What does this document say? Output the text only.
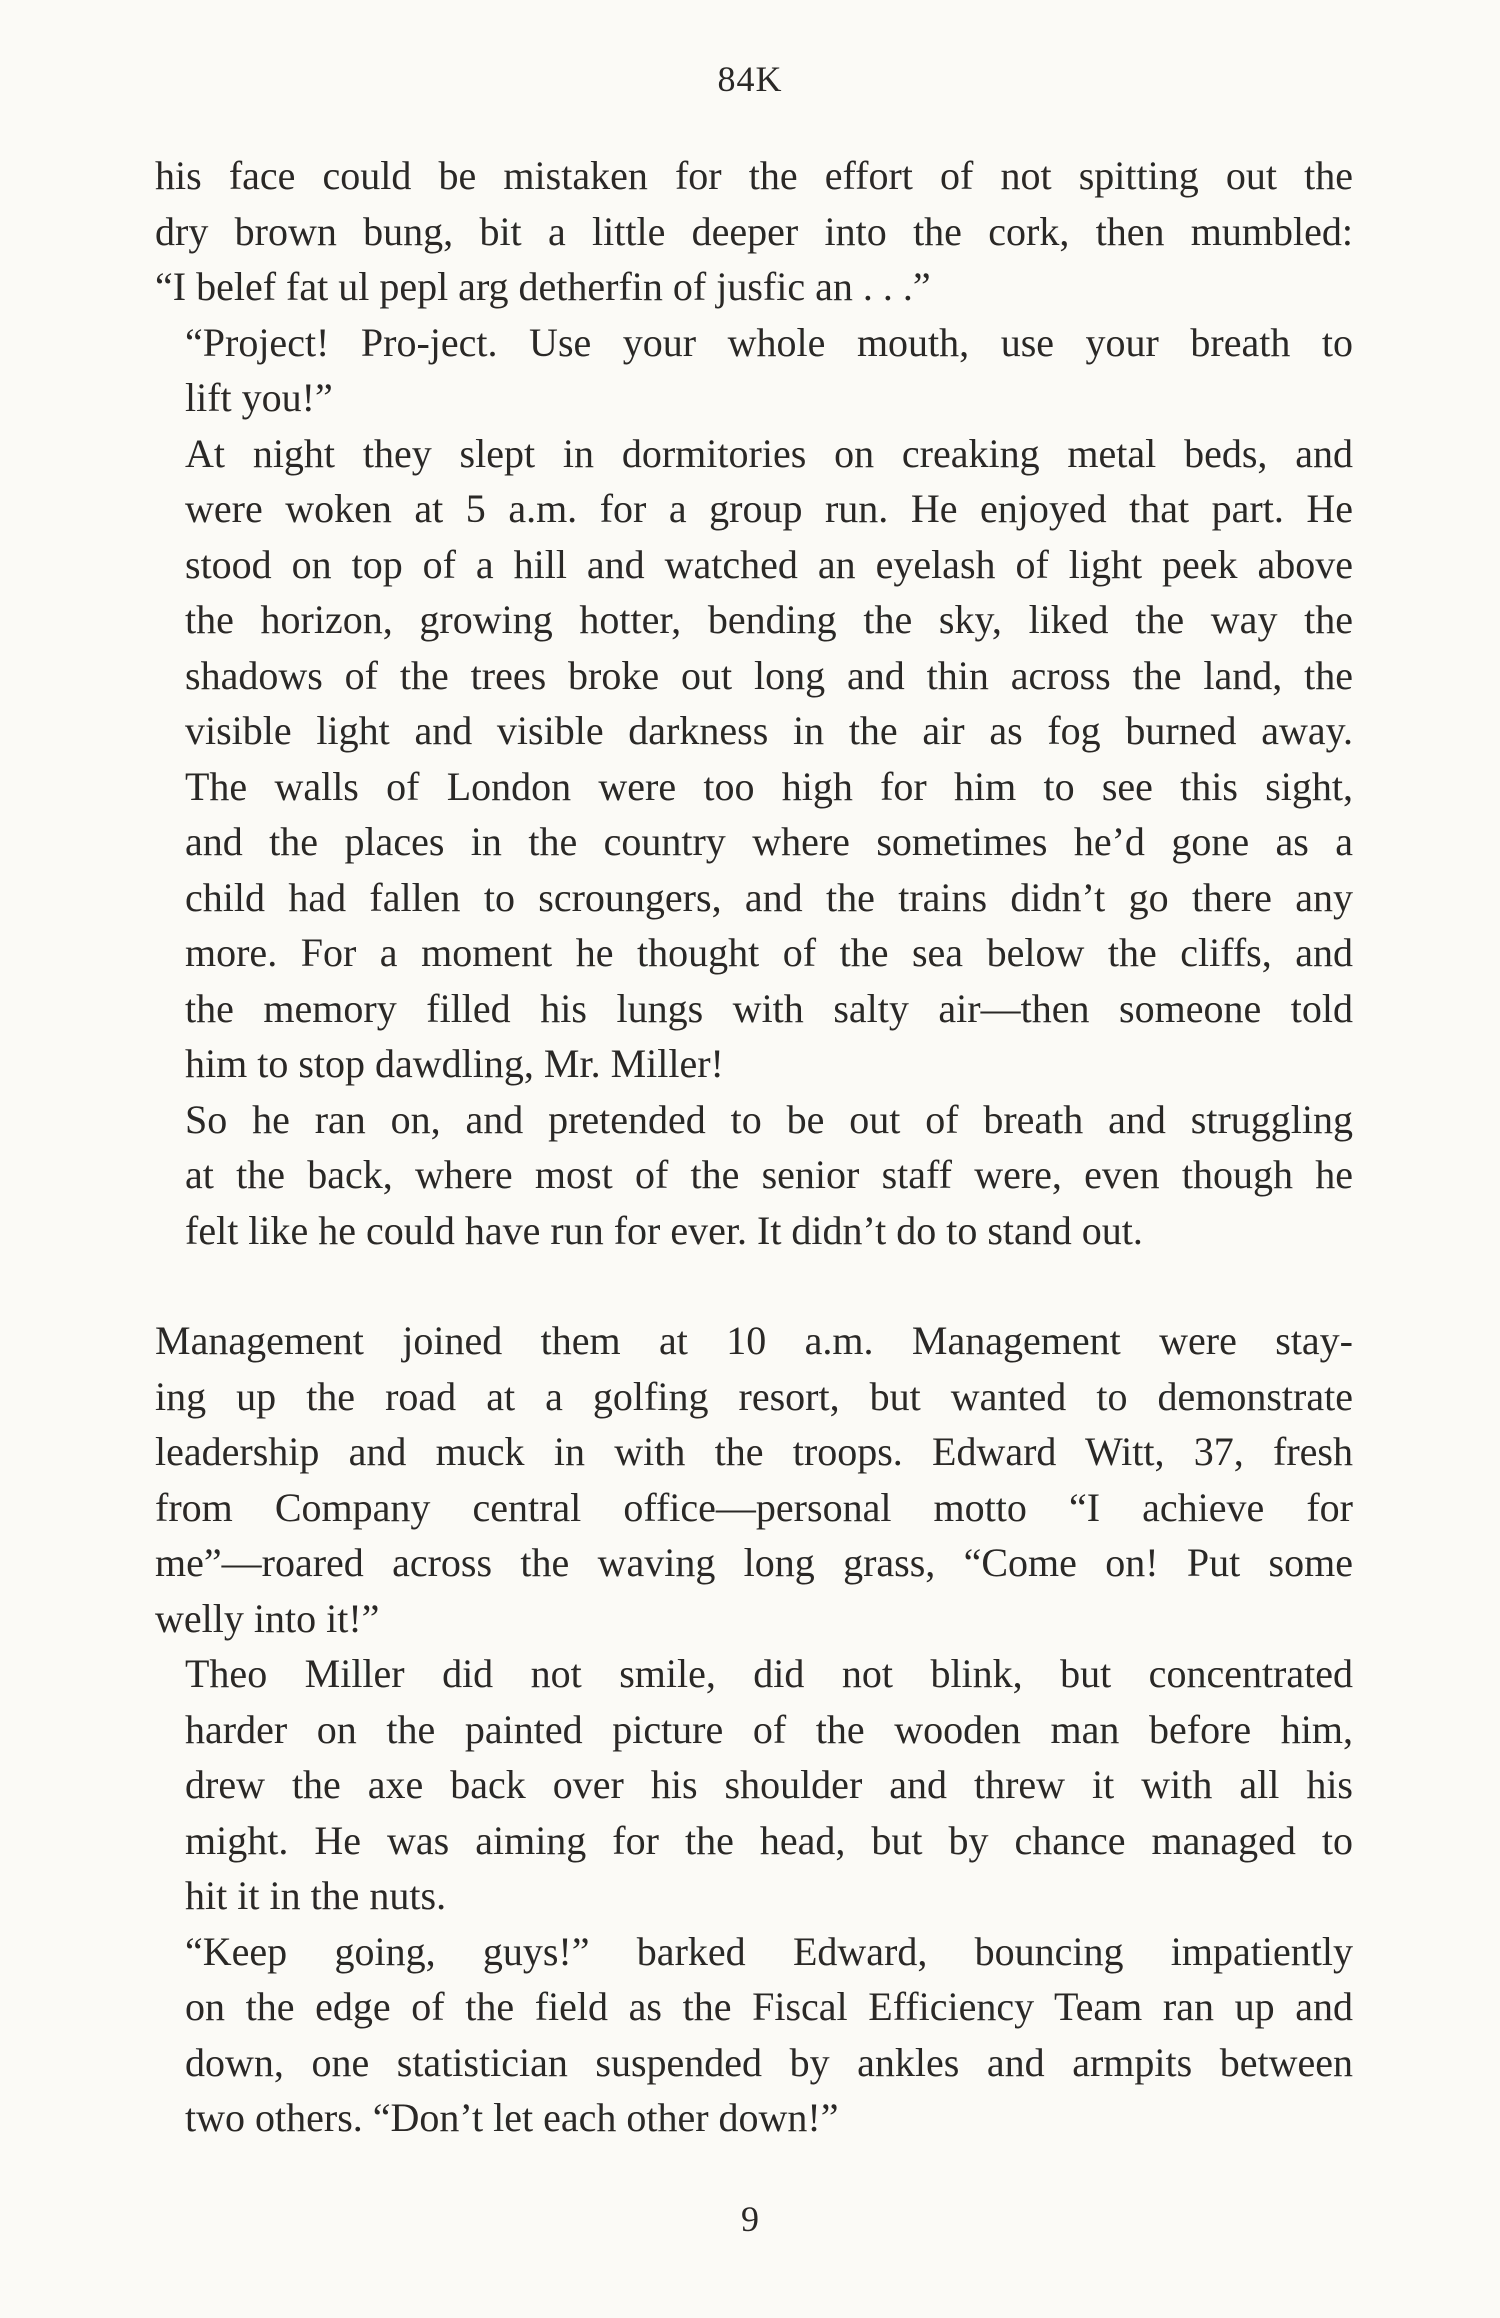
84K

his face could be mistaken for the effort of not spitting out the
dry brown bung, bit a little deeper into the cork, then mumbled:
“I belef fat ul pepl arg detherfin of jusfic an . . .”

“Project! Pro-ject. Use your whole mouth, use your breath to
lift you!”

At night they slept in dormitories on creaking metal beds, and
were woken at 5 a.m. for a group run. He enjoyed that part. He
stood on top of a hill and watched an eyelash of light peek above
the horizon, growing hotter, bending the sky, liked the way the
shadows of the trees broke out long and thin across the land, the
visible light and visible darkness in the air as fog burned away.
The walls of London were too high for him to see this sight,
and the places in the country where sometimes he’d gone as a
child had fallen to scroungers, and the trains didn’t go there any
more. For a moment he thought of the sea below the cliffs, and
the memory filled his lungs with salty air—then someone told
him to stop dawdling, Mr. Miller!

So he ran on, and pretended to be out of breath and struggling
at the back, where most of the senior staff were, even though he
felt like he could have run for ever. It didn’t do to stand out.

Management joined them at 10 a.m. Management were stay-
ing up the road at a golfing resort, but wanted to demonstrate
leadership and muck in with the troops. Edward Witt, 37, fresh
from Company central office—personal motto “I achieve for
me”—roared across the waving long grass, “Come on! Put some
welly into it!”

Theo Miller did not smile, did not blink, but concentrated
harder on the painted picture of the wooden man before him,
drew the axe back over his shoulder and threw it with all his
might. He was aiming for the head, but by chance managed to
hit it in the nuts.

“Keep going, guys!” barked Edward, bouncing impatiently
on the edge of the field as the Fiscal Efficiency Team ran up and
down, one statistician suspended by ankles and armpits between
two others. “Don’t let each other down!”

9
